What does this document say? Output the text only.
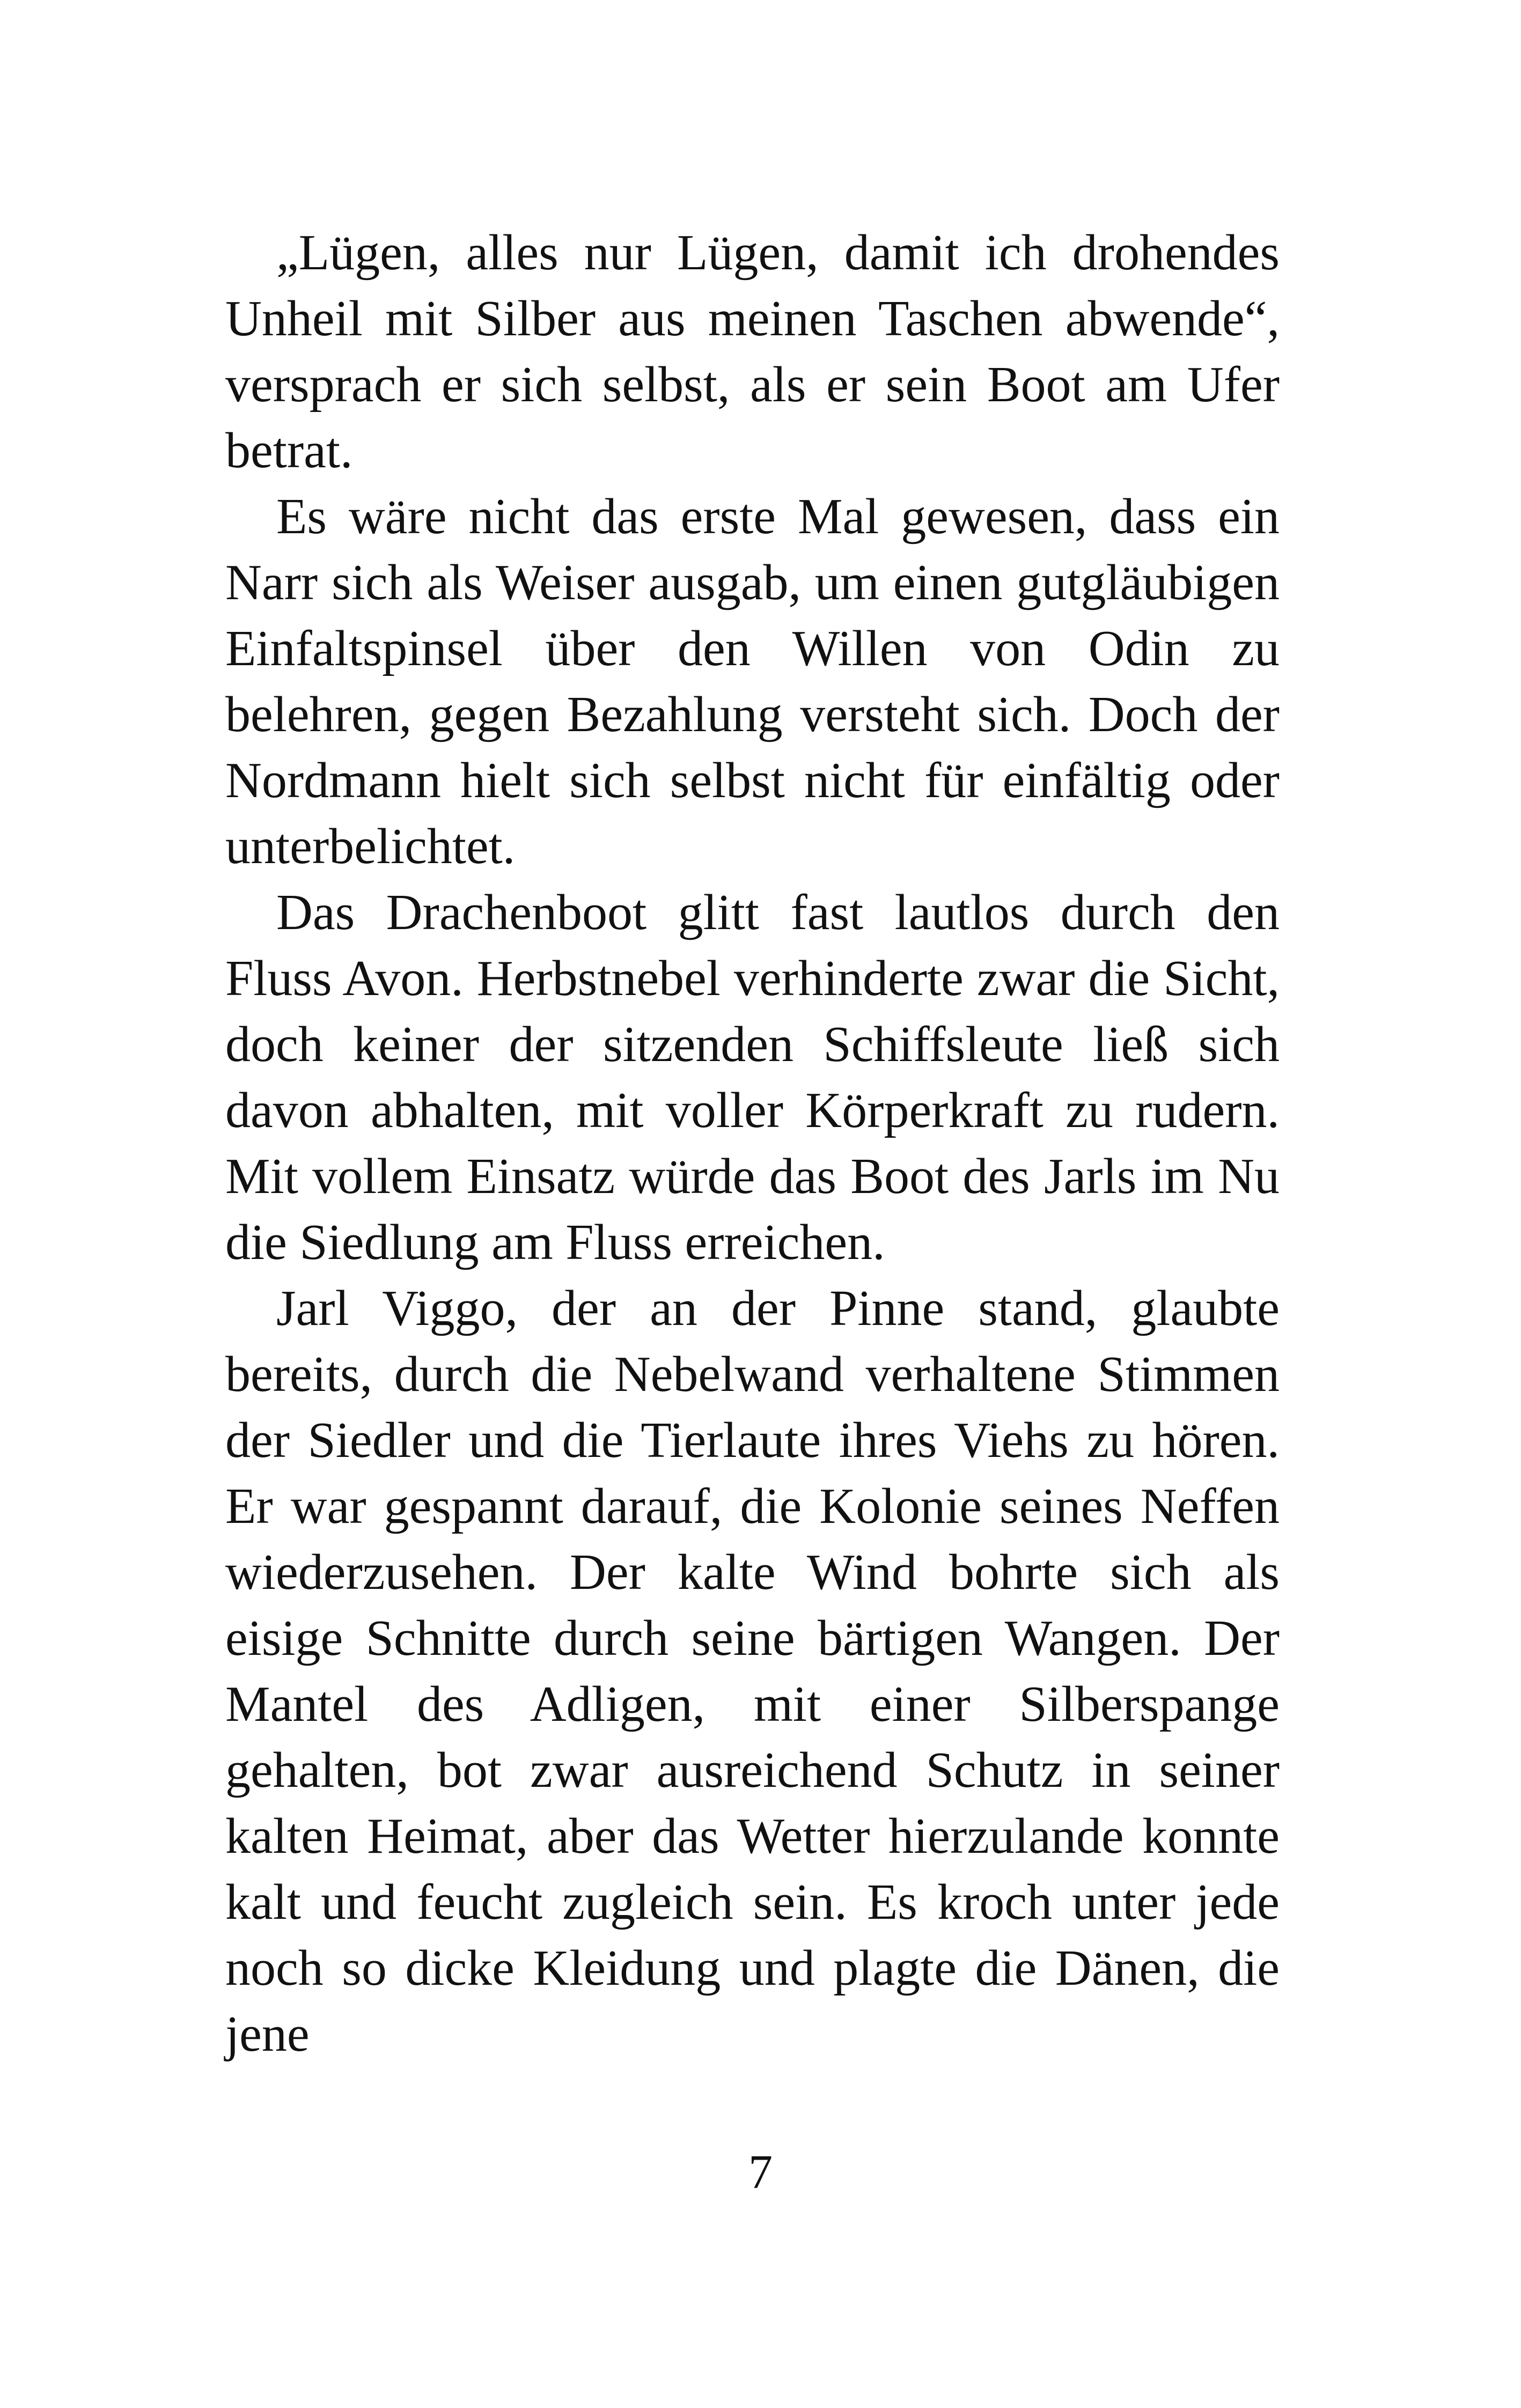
„Lügen, alles nur Lügen, damit ich drohendes Unheil mit Silber aus meinen Taschen abwende“, versprach er sich selbst, als er sein Boot am Ufer betrat.

Es wäre nicht das erste Mal gewesen, dass ein Narr sich als Weiser ausgab, um einen gutgläubigen Einfaltspinsel über den Willen von Odin zu belehren, gegen Bezahlung versteht sich. Doch der Nordmann hielt sich selbst nicht für einfältig oder unterbelichtet.

Das Drachenboot glitt fast lautlos durch den Fluss Avon. Herbstnebel verhinderte zwar die Sicht, doch keiner der sitzenden Schiffsleute ließ sich davon abhalten, mit voller Körperkraft zu rudern. Mit vollem Einsatz würde das Boot des Jarls im Nu die Siedlung am Fluss erreichen.

Jarl Viggo, der an der Pinne stand, glaubte bereits, durch die Nebelwand verhaltene Stimmen der Siedler und die Tierlaute ihres Viehs zu hören. Er war gespannt darauf, die Kolonie seines Neffen wiederzusehen. Der kalte Wind bohrte sich als eisige Schnitte durch seine bärtigen Wangen. Der Mantel des Adligen, mit einer Silberspange gehalten, bot zwar ausreichend Schutz in seiner kalten Heimat, aber das Wetter hierzulande konnte kalt und feucht zugleich sein. Es kroch unter jede noch so dicke Kleidung und plagte die Dänen, die jene

7
